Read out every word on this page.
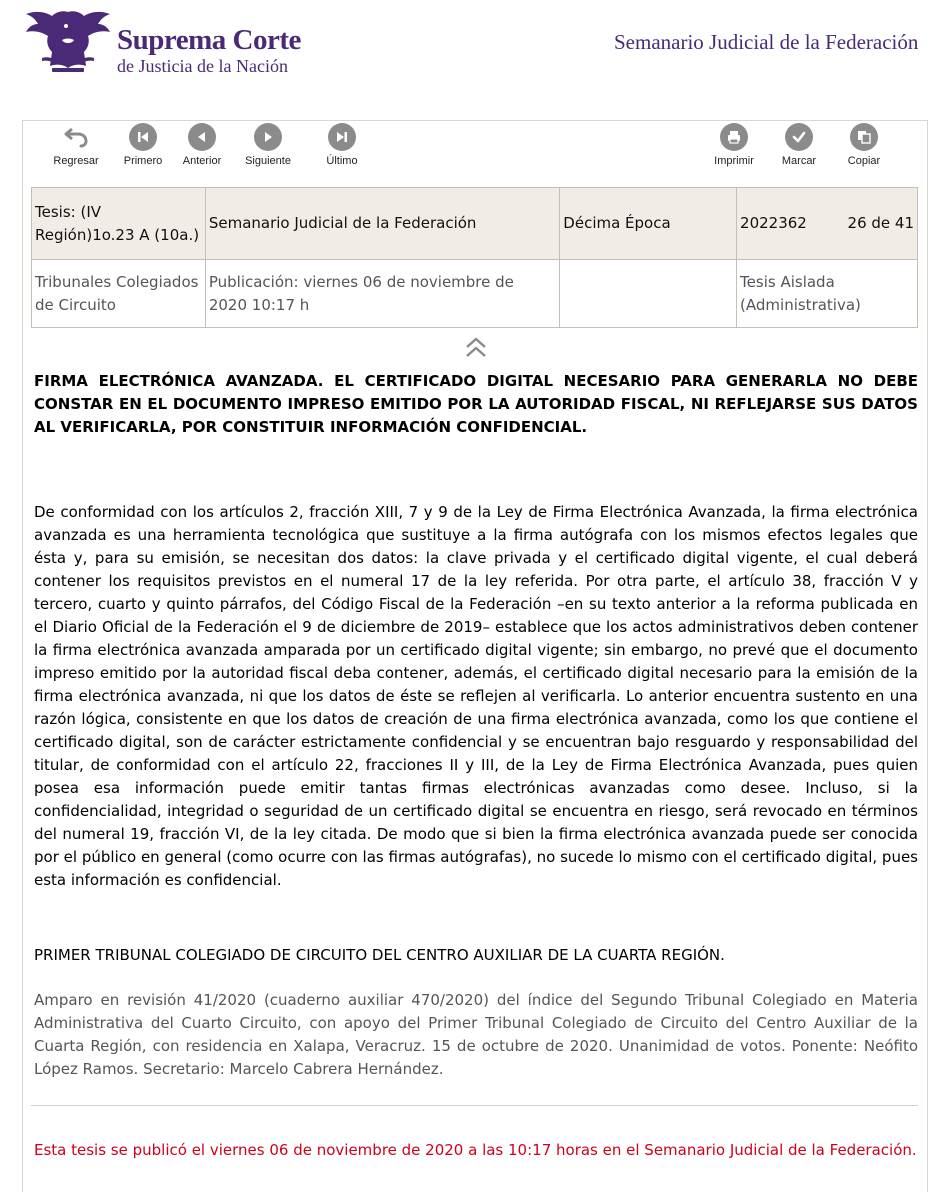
Suprema Corte
de Justicia de la Nación
Semanario Judicial de la Federación
Regresar	Primero	Anterior	Siguiente	Último	Imprimir	Marcar	Copiar
Tesis: (IV Región)1o.23 A (10a.)	Semanario Judicial de la Federación	Décima Época	2022362 26 de 41

Tribunales Colegiados de Circuito	Publicación: viernes 06 de noviembre de 2020 10:17 h		Tesis Aislada (Administrativa)
FIRMA ELECTRÓNICA AVANZADA. EL CERTIFICADO DIGITAL NECESARIO PARA GENERARLA NO DEBE CONSTAR EN EL DOCUMENTO IMPRESO EMITIDO POR LA AUTORIDAD FISCAL, NI REFLEJARSE SUS DATOS AL VERIFICARLA, POR CONSTITUIR INFORMACIÓN CONFIDENCIAL.
De conformidad con los artículos 2, fracción XIII, 7 y 9 de la Ley de Firma Electrónica Avanzada, la firma electrónica avanzada es una herramienta tecnológica que sustituye a la firma autógrafa con los mismos efectos legales que ésta y, para su emisión, se necesitan dos datos: la clave privada y el certificado digital vigente, el cual deberá contener los requisitos previstos en el numeral 17 de la ley referida. Por otra parte, el artículo 38, fracción V y tercero, cuarto y quinto párrafos, del Código Fiscal de la Federación –en su texto anterior a la reforma publicada en el Diario Oficial de la Federación el 9 de diciembre de 2019– establece que los actos administrativos deben contener la firma electrónica avanzada amparada por un certificado digital vigente; sin embargo, no prevé que el documento impreso emitido por la autoridad fiscal deba contener, además, el certificado digital necesario para la emisión de la firma electrónica avanzada, ni que los datos de éste se reflejen al verificarla. Lo anterior encuentra sustento en una razón lógica, consistente en que los datos de creación de una firma electrónica avanzada, como los que contiene el certificado digital, son de carácter estrictamente confidencial y se encuentran bajo resguardo y responsabilidad del titular, de conformidad con el artículo 22, fracciones II y III, de la Ley de Firma Electrónica Avanzada, pues quien posea esa información puede emitir tantas firmas electrónicas avanzadas como desee. Incluso, si la confidencialidad, integridad o seguridad de un certificado digital se encuentra en riesgo, será revocado en términos del numeral 19, fracción VI, de la ley citada. De modo que si bien la firma electrónica avanzada puede ser conocida por el público en general (como ocurre con las firmas autógrafas), no sucede lo mismo con el certificado digital, pues esta información es confidencial.
PRIMER TRIBUNAL COLEGIADO DE CIRCUITO DEL CENTRO AUXILIAR DE LA CUARTA REGIÓN.
Amparo en revisión 41/2020 (cuaderno auxiliar 470/2020) del índice del Segundo Tribunal Colegiado en Materia Administrativa del Cuarto Circuito, con apoyo del Primer Tribunal Colegiado de Circuito del Centro Auxiliar de la Cuarta Región, con residencia en Xalapa, Veracruz. 15 de octubre de 2020. Unanimidad de votos. Ponente: Neófito López Ramos. Secretario: Marcelo Cabrera Hernández.
Esta tesis se publicó el viernes 06 de noviembre de 2020 a las 10:17 horas en el Semanario Judicial de la Federación.
